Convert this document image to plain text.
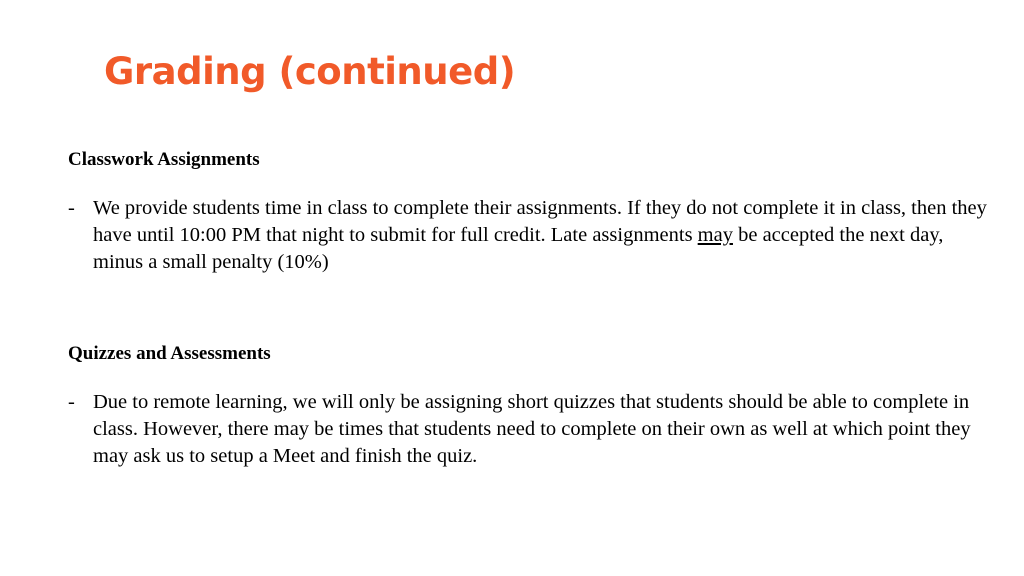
Grading (continued)
Classwork Assignments
- We provide students time in class to complete their assignments. If they do not complete it in class, then they have until 10:00 PM that night to submit for full credit. Late assignments may be accepted the next day, minus a small penalty (10%)
Quizzes and Assessments
- Due to remote learning, we will only be assigning short quizzes that students should be able to complete in class. However, there may be times that students need to complete on their own as well at which point they may ask us to setup a Meet and finish the quiz.
